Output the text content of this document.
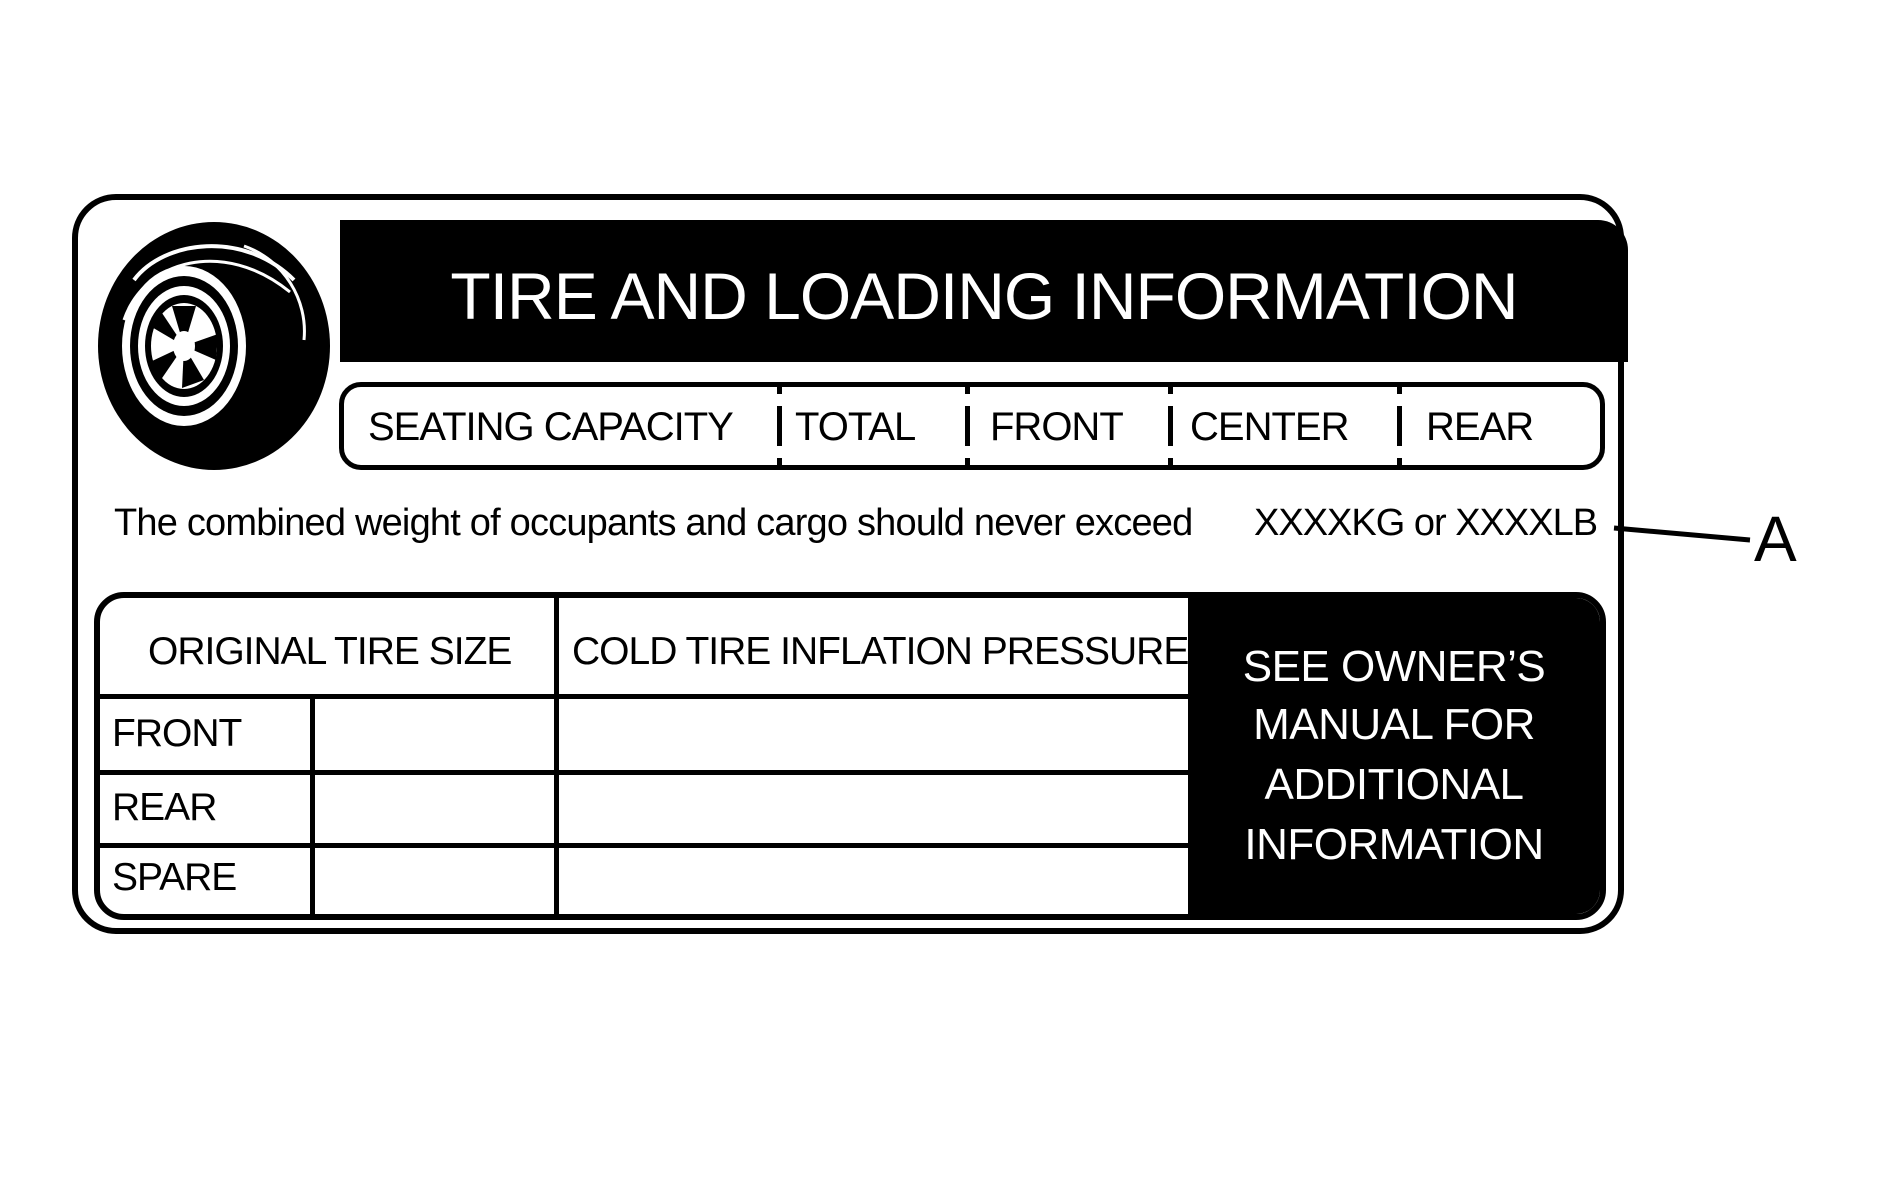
TIRE AND LOADING INFORMATION
SEATING CAPACITY TOTAL FRONT CENTER REAR
The combined weight of occupants and cargo should never exceed XXXXKG or XXXXLB A
SEE OWNER’S
MANUAL FOR
ADDITIONAL
INFORMATION
ORIGINAL TIRE SIZE COLD TIRE INFLATION PRESSURE
FRONT
REAR
SPARE
